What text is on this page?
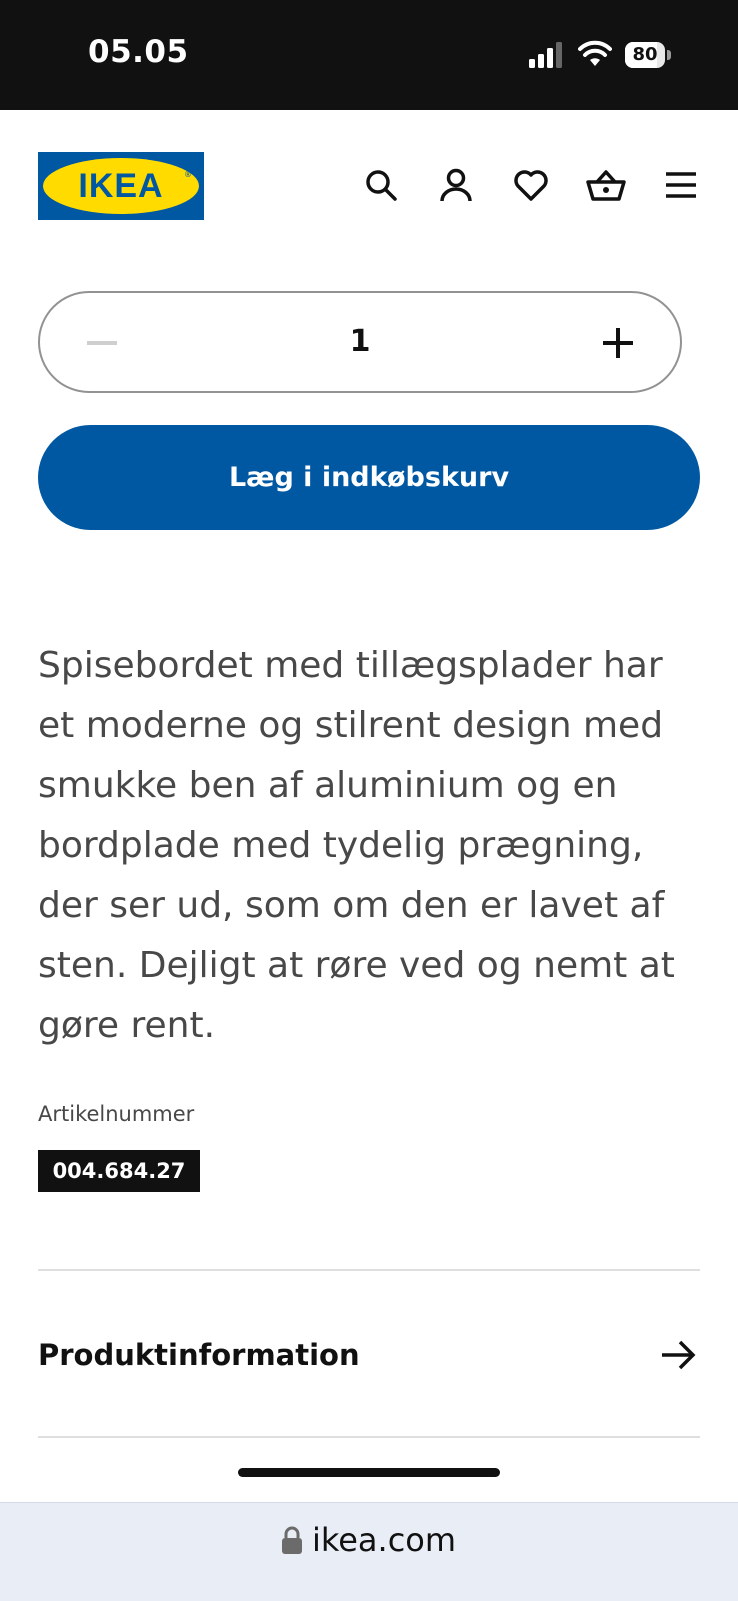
05.05	80
IKEA	®
1
Læg i indkøbskurv
Spisebordet med tillægsplader har et moderne og stilrent design med smukke ben af aluminium og en bordplade med tydelig prægning, der ser ud, som om den er lavet af sten. Dejligt at røre ved og nemt at gøre rent.
Artikelnummer
004.684.27
Produktinformation
ikea.com
